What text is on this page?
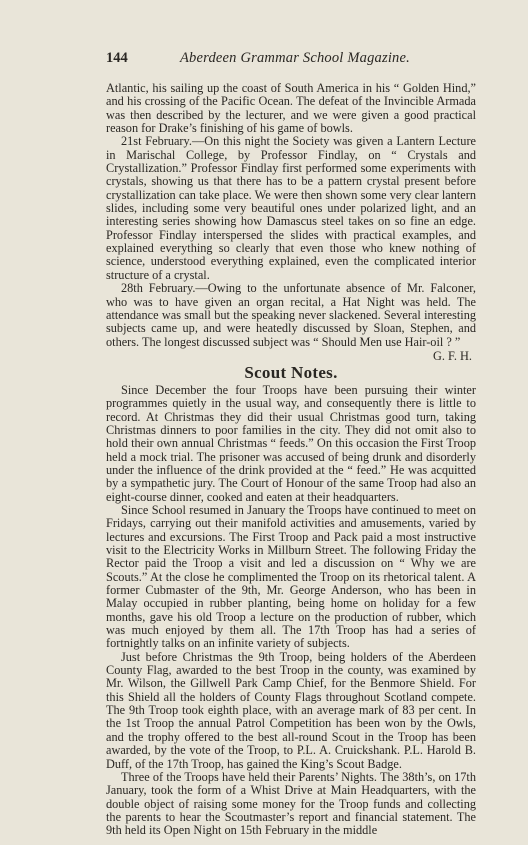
144	Aberdeen Grammar School Magazine.

Atlantic, his sailing up the coast of South America in his “ Golden Hind,” and his crossing of the Pacific Ocean. The defeat of the Invincible Armada was then described by the lecturer, and we were given a good practical reason for Drake’s finishing of his game of bowls.

21st February.—On this night the Society was given a Lantern Lecture in Marischal College, by Professor Findlay, on “ Crystals and Crystallization.” Professor Findlay first performed some experiments with crystals, showing us that there has to be a pattern crystal present before crystallization can take place. We were then shown some very clear lantern slides, including some very beautiful ones under polarized light, and an interesting series showing how Damascus steel takes on so fine an edge. Professor Findlay interspersed the slides with practical examples, and explained everything so clearly that even those who knew nothing of science, understood everything explained, even the complicated interior structure of a crystal.

28th February.—Owing to the unfortunate absence of Mr. Falconer, who was to have given an organ recital, a Hat Night was held. The attendance was small but the speaking never slackened. Several interesting subjects came up, and were heatedly discussed by Sloan, Stephen, and others. The longest discussed subject was “ Should Men use Hair-oil ? ”

G. F. H.

Scout Notes.

Since December the four Troops have been pursuing their winter programmes quietly in the usual way, and consequently there is little to record. At Christmas they did their usual Christmas good turn, taking Christmas dinners to poor families in the city. They did not omit also to hold their own annual Christmas “ feeds.” On this occasion the First Troop held a mock trial. The prisoner was accused of being drunk and disorderly under the influence of the drink provided at the “ feed.” He was acquitted by a sympathetic jury. The Court of Honour of the same Troop had also an eight-course dinner, cooked and eaten at their headquarters.

Since School resumed in January the Troops have continued to meet on Fridays, carrying out their manifold activities and amusements, varied by lectures and excursions. The First Troop and Pack paid a most instructive visit to the Electricity Works in Millburn Street. The following Friday the Rector paid the Troop a visit and led a discussion on “ Why we are Scouts.” At the close he complimented the Troop on its rhetorical talent. A former Cubmaster of the 9th, Mr. George Anderson, who has been in Malay occupied in rubber planting, being home on holiday for a few months, gave his old Troop a lecture on the production of rubber, which was much enjoyed by them all. The 17th Troop has had a series of fortnightly talks on an infinite variety of subjects.

Just before Christmas the 9th Troop, being holders of the Aberdeen County Flag, awarded to the best Troop in the county, was examined by Mr. Wilson, the Gillwell Park Camp Chief, for the Benmore Shield. For this Shield all the holders of County Flags throughout Scotland compete. The 9th Troop took eighth place, with an average mark of 83 per cent. In the 1st Troop the annual Patrol Competition has been won by the Owls, and the trophy offered to the best all-round Scout in the Troop has been awarded, by the vote of the Troop, to P.L. A. Cruickshank. P.L. Harold B. Duff, of the 17th Troop, has gained the King’s Scout Badge.

Three of the Troops have held their Parents’ Nights. The 38th’s, on 17th January, took the form of a Whist Drive at Main Headquarters, with the double object of raising some money for the Troop funds and collecting the parents to hear the Scoutmaster’s report and financial statement. The 9th held its Open Night on 15th February in the middle
